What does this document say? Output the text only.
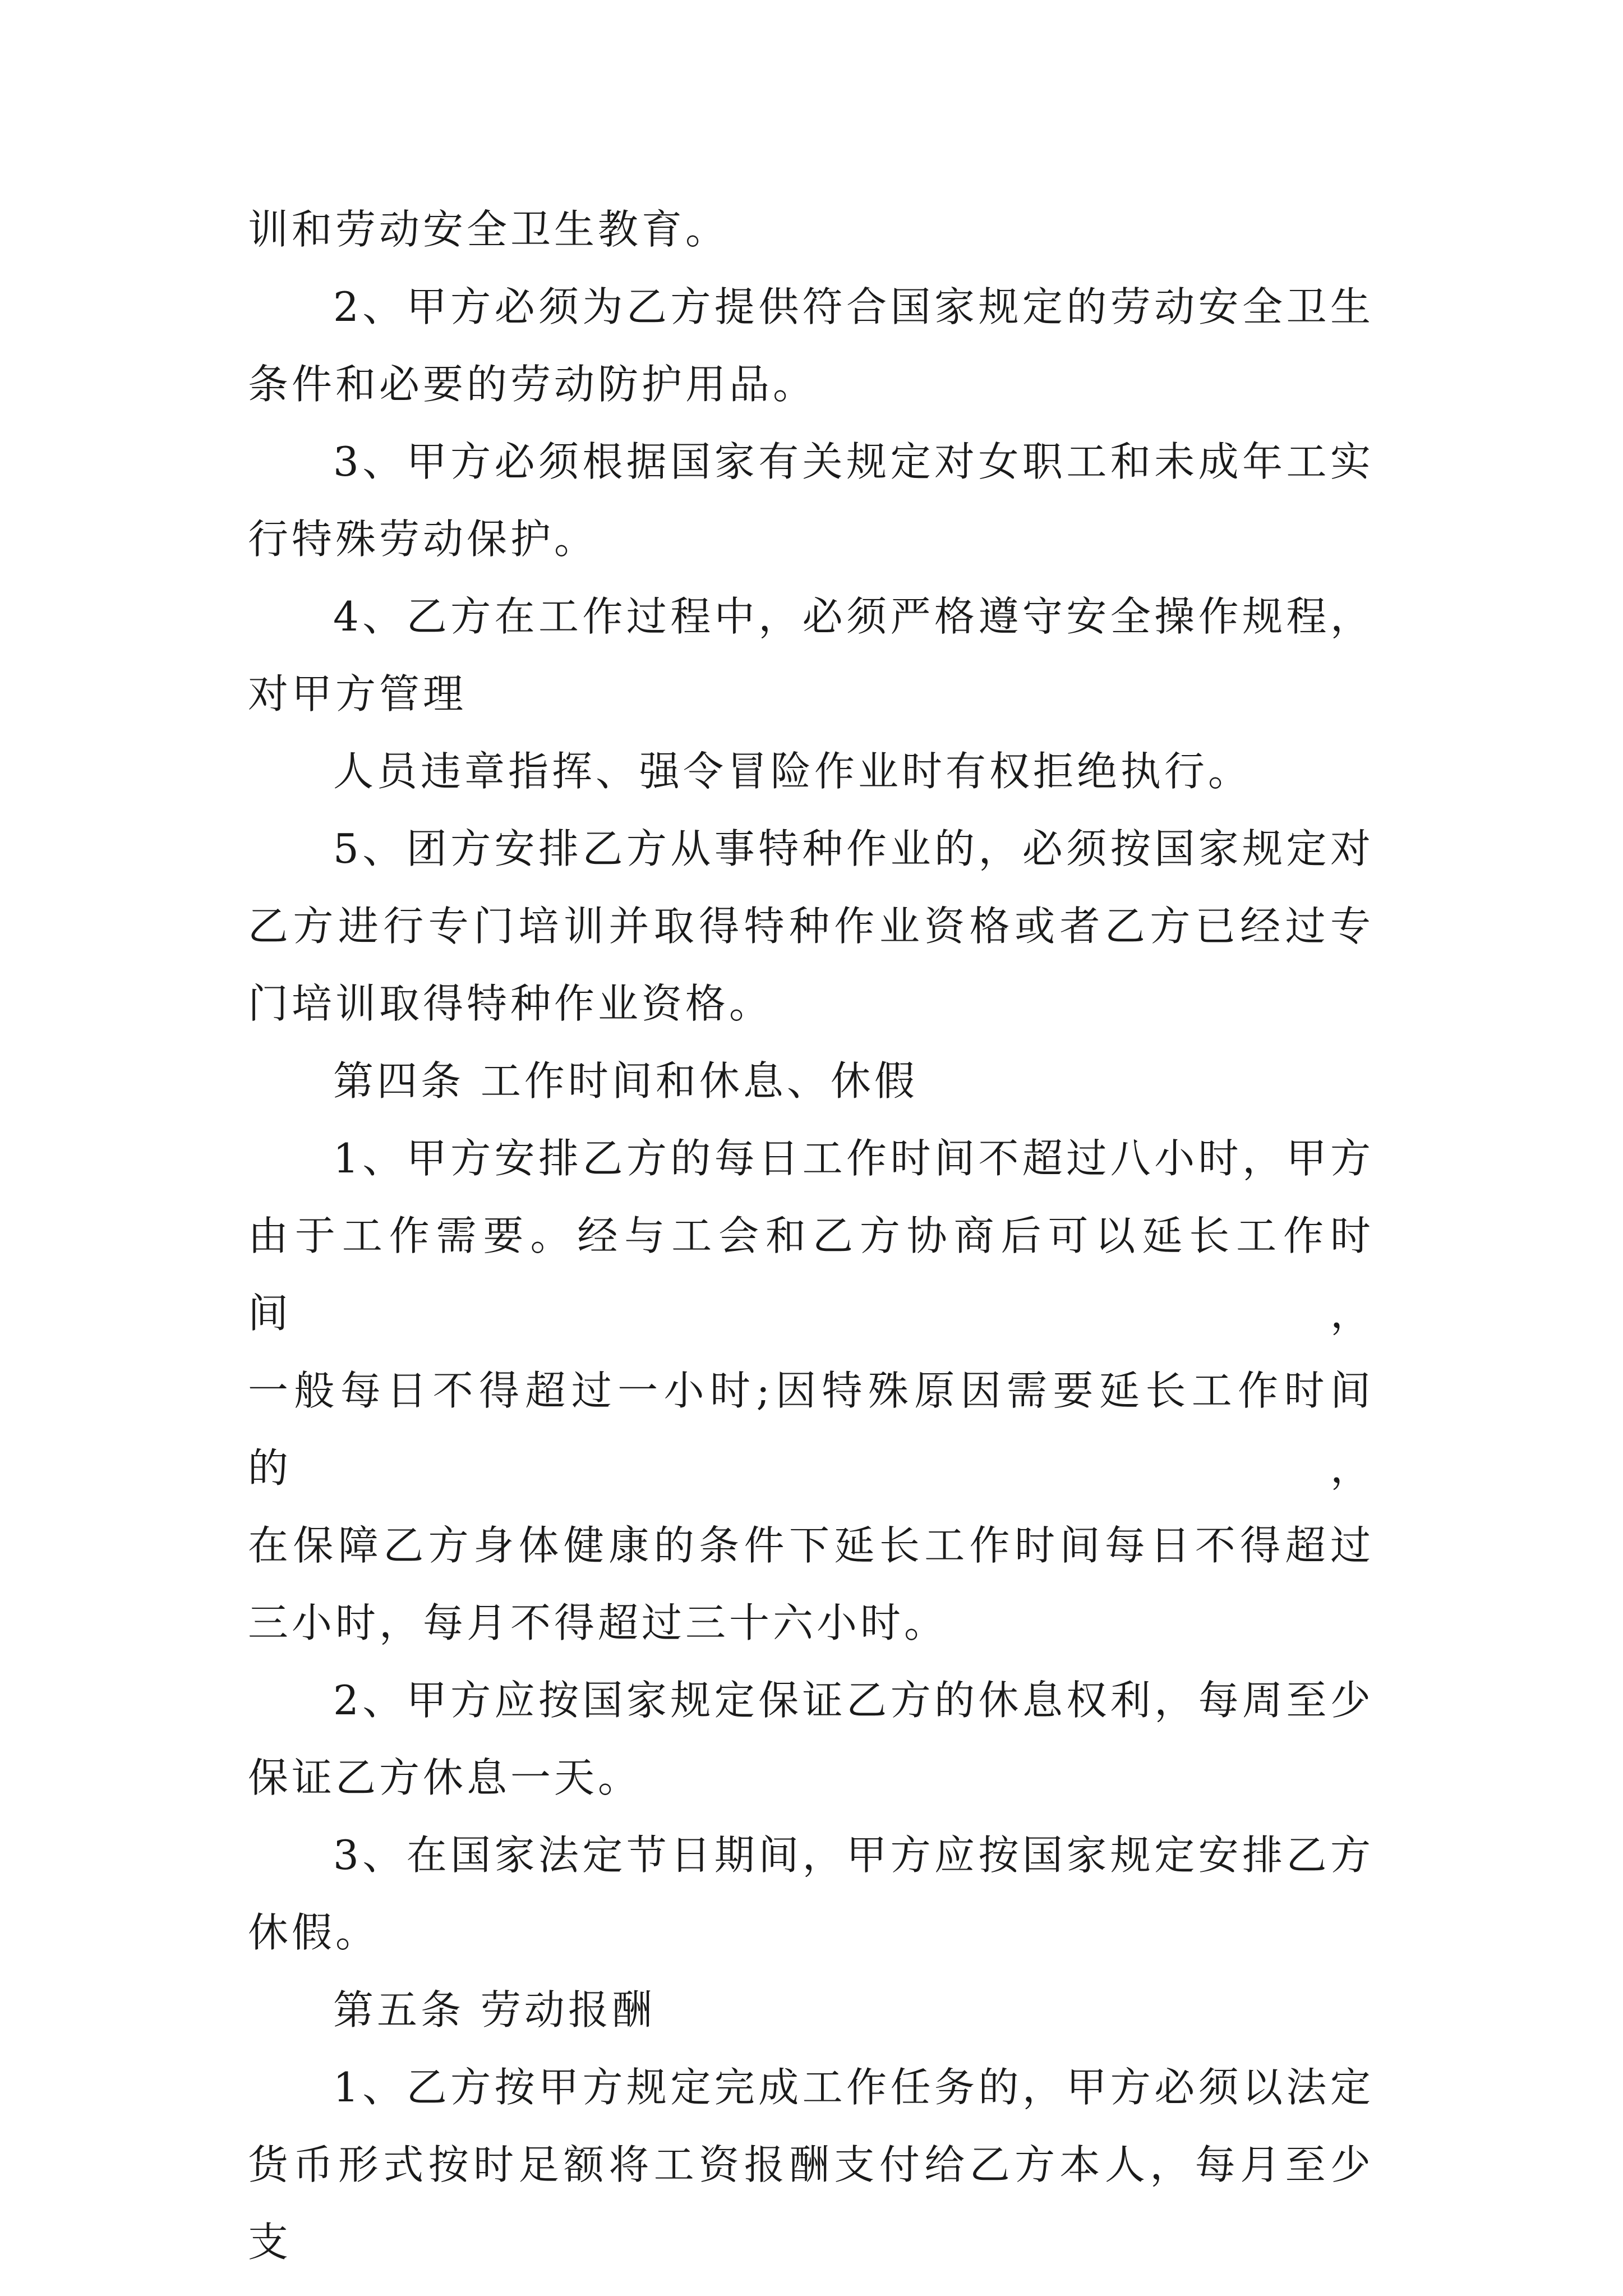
训和劳动安全卫生教育。

2、甲方必须为乙方提供符合国家规定的劳动安全卫生
条件和必要的劳动防护用品。

3、甲方必须根据国家有关规定对女职工和未成年工实
行特殊劳动保护。

4、乙方在工作过程中，必须严格遵守安全操作规程，
对甲方管理

人员违章指挥、强令冒险作业时有权拒绝执行。

5、团方安排乙方从事特种作业的，必须按国家规定对
乙方进行专门培训并取得特种作业资格或者乙方已经过专
门培训取得特种作业资格。

第四条 工作时间和休息、休假

1、甲方安排乙方的每日工作时间不超过八小时，甲方
由于工作需要。经与工会和乙方协商后可以延长工作时间，
一般每日不得超过一小时;因特殊原因需要延长工作时间的，
在保障乙方身体健康的条件下延长工作时间每日不得超过
三小时，每月不得超过三十六小时。

2、甲方应按国家规定保证乙方的休息权利，每周至少
保证乙方休息一天。

3、在国家法定节日期间，甲方应按国家规定安排乙方
休假。

第五条 劳动报酬

1、乙方按甲方规定完成工作任务的，甲方必须以法定
货币形式按时足额将工资报酬支付给乙方本人，每月至少支
